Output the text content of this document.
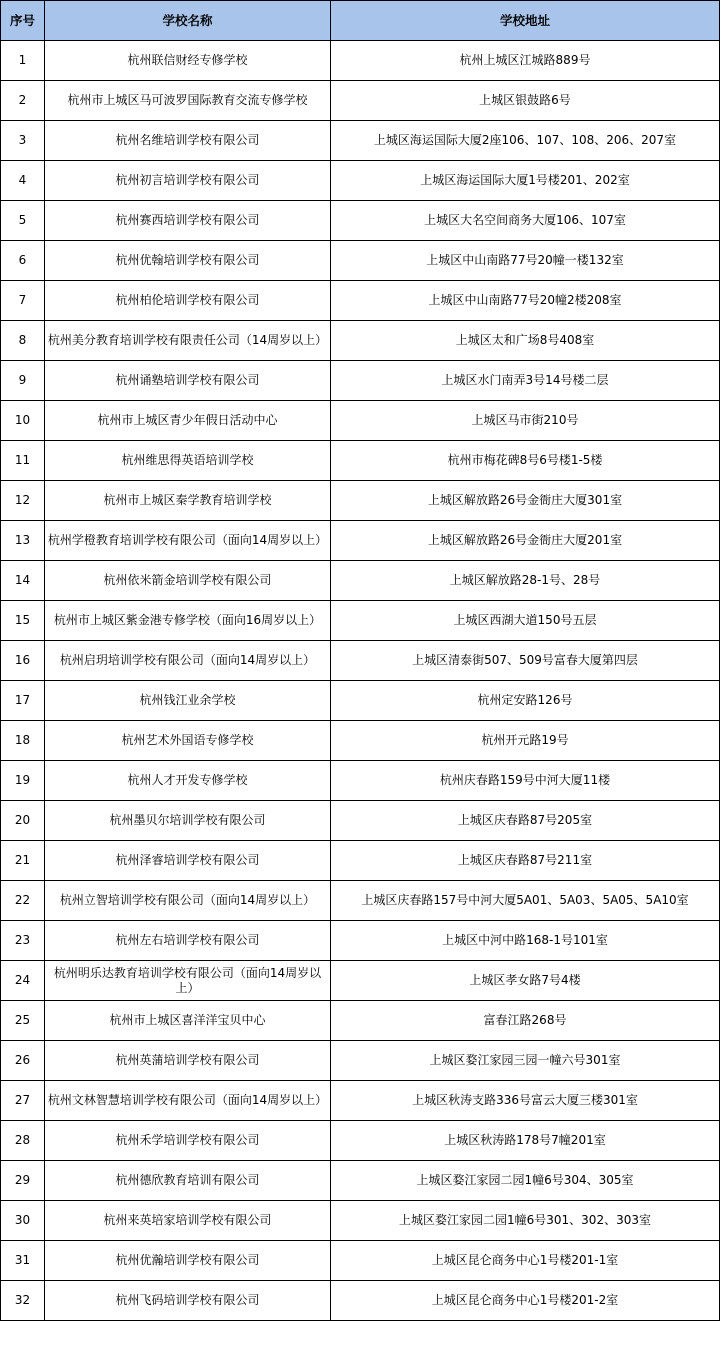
序号	学校名称	学校地址
1	杭州联信财经专修学校	杭州上城区江城路889号
2	杭州市上城区马可波罗国际教育交流专修学校	上城区银鼓路6号
3	杭州名维培训学校有限公司	上城区海运国际大厦2座106、107、108、206、207室
4	杭州初言培训学校有限公司	上城区海运国际大厦1号楼201、202室
5	杭州赛西培训学校有限公司	上城区大名空间商务大厦106、107室
6	杭州优翰培训学校有限公司	上城区中山南路77号20幢一楼132室
7	杭州柏伦培训学校有限公司	上城区中山南路77号20幢2楼208室
8	杭州美分教育培训学校有限责任公司（14周岁以上）	上城区太和广场8号408室
9	杭州诵塾培训学校有限公司	上城区水门南弄3号14号楼二层
10	杭州市上城区青少年假日活动中心	上城区马市街210号
11	杭州维思得英语培训学校	杭州市梅花碑8号6号楼1-5楼
12	杭州市上城区秦学教育培训学校	上城区解放路26号金衙庄大厦301室
13	杭州学橙教育培训学校有限公司（面向14周岁以上）	上城区解放路26号金衙庄大厦201室
14	杭州依米箭金培训学校有限公司	上城区解放路28-1号、28号
15	杭州市上城区紫金港专修学校（面向16周岁以上）	上城区西湖大道150号五层
16	杭州启玥培训学校有限公司（面向14周岁以上）	上城区清泰街507、509号富春大厦第四层
17	杭州钱江业余学校	杭州定安路126号
18	杭州艺术外国语专修学校	杭州开元路19号
19	杭州人才开发专修学校	杭州庆春路159号中河大厦11楼
20	杭州墨贝尔培训学校有限公司	上城区庆春路87号205室
21	杭州泽睿培训学校有限公司	上城区庆春路87号211室
22	杭州立智培训学校有限公司（面向14周岁以上）	上城区庆春路157号中河大厦5A01、5A03、5A05、5A10室
23	杭州左右培训学校有限公司	上城区中河中路168-1号101室
24	杭州明乐达教育培训学校有限公司（面向14周岁以上）	上城区孝女路7号4楼
25	杭州市上城区喜洋洋宝贝中心	富春江路268号
26	杭州英蒲培训学校有限公司	上城区婺江家园三园一幢六号301室
27	杭州文林智慧培训学校有限公司（面向14周岁以上）	上城区秋涛支路336号富云大厦三楼301室
28	杭州禾学培训学校有限公司	上城区秋涛路178号7幢201室
29	杭州德欣教育培训有限公司	上城区婺江家园二园1幢6号304、305室
30	杭州来英培家培训学校有限公司	上城区婺江家园二园1幢6号301、302、303室
31	杭州优瀚培训学校有限公司	上城区昆仑商务中心1号楼201-1室
32	杭州飞码培训学校有限公司	上城区昆仑商务中心1号楼201-2室
